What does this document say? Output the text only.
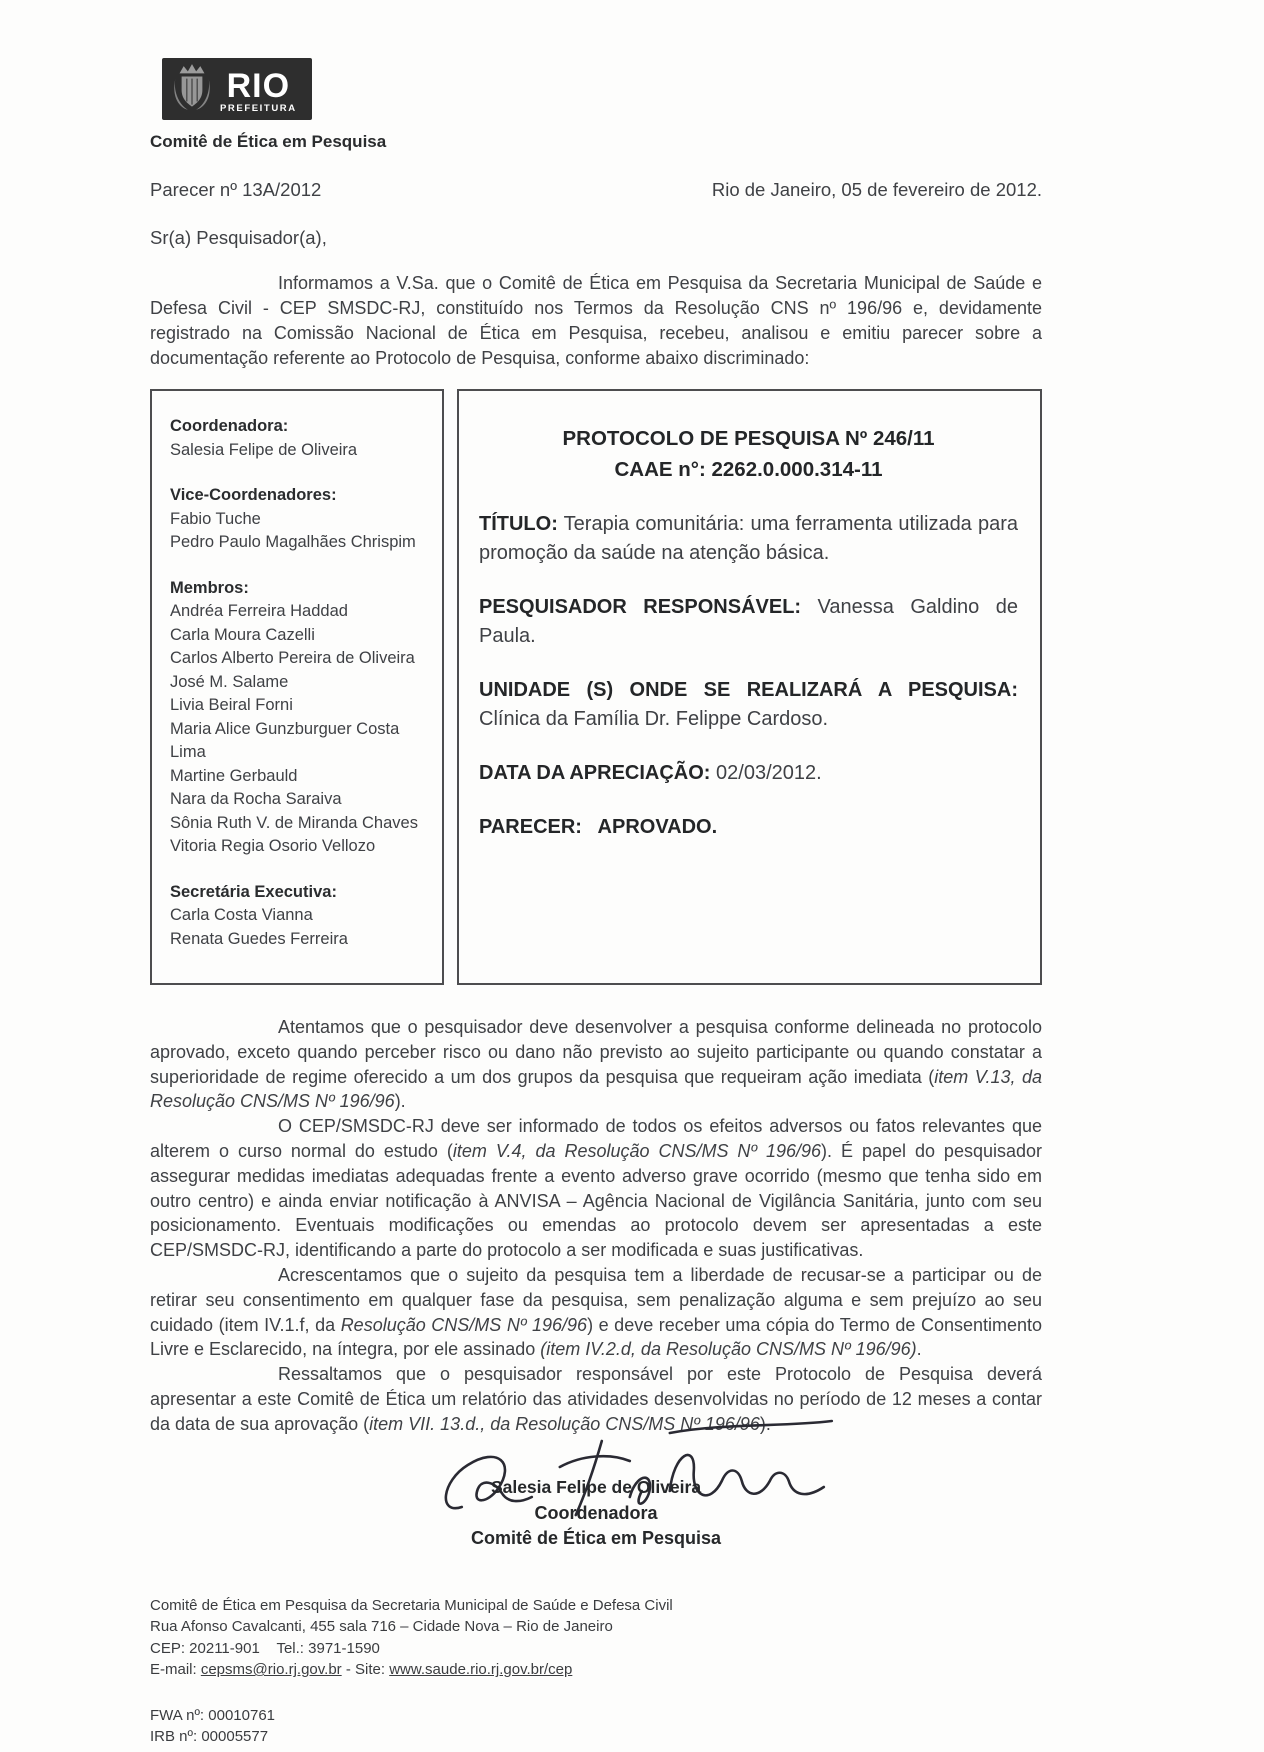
RIO
PREFEITURA
Comitê de Ética em Pesquisa
Parecer nº 13A/2012	Rio de Janeiro, 05 de fevereiro de 2012.
Sr(a) Pesquisador(a),

Informamos a V.Sa. que o Comitê de Ética em Pesquisa da Secretaria Municipal de Saúde e Defesa Civil - CEP SMSDC-RJ, constituído nos Termos da Resolução CNS nº 196/96 e, devidamente registrado na Comissão Nacional de Ética em Pesquisa, recebeu, analisou e emitiu parecer sobre a documentação referente ao Protocolo de Pesquisa, conforme abaixo discriminado:

Coordenadora:
Salesia Felipe de Oliveira
Vice-Coordenadores:
Fabio Tuche
Pedro Paulo Magalhães Chrispim
Membros:
Andréa Ferreira Haddad
Carla Moura Cazelli
Carlos Alberto Pereira de Oliveira
José M. Salame
Livia Beiral Forni
Maria Alice Gunzburguer Costa Lima
Martine Gerbauld
Nara da Rocha Saraiva
Sônia Ruth V. de Miranda Chaves
Vitoria Regia Osorio Vellozo
Secretária Executiva:
Carla Costa Vianna
Renata Guedes Ferreira
PROTOCOLO DE PESQUISA Nº 246/11
CAAE n°: 2262.0.000.314-11

TÍTULO: Terapia comunitária: uma ferramenta utilizada para promoção da saúde na atenção básica.

PESQUISADOR RESPONSÁVEL: Vanessa Galdino de Paula.

UNIDADE (S) ONDE SE REALIZARÁ A PESQUISA: Clínica da Família Dr. Felippe Cardoso.

DATA DA APRECIAÇÃO: 02/03/2012.

PARECER: APROVADO.

Atentamos que o pesquisador deve desenvolver a pesquisa conforme delineada no protocolo aprovado, exceto quando perceber risco ou dano não previsto ao sujeito participante ou quando constatar a superioridade de regime oferecido a um dos grupos da pesquisa que requeiram ação imediata (item V.13, da Resolução CNS/MS Nº 196/96).

O CEP/SMSDC-RJ deve ser informado de todos os efeitos adversos ou fatos relevantes que alterem o curso normal do estudo (item V.4, da Resolução CNS/MS Nº 196/96). É papel do pesquisador assegurar medidas imediatas adequadas frente a evento adverso grave ocorrido (mesmo que tenha sido em outro centro) e ainda enviar notificação à ANVISA – Agência Nacional de Vigilância Sanitária, junto com seu posicionamento. Eventuais modificações ou emendas ao protocolo devem ser apresentadas a este CEP/SMSDC-RJ, identificando a parte do protocolo a ser modificada e suas justificativas.

Acrescentamos que o sujeito da pesquisa tem a liberdade de recusar-se a participar ou de retirar seu consentimento em qualquer fase da pesquisa, sem penalização alguma e sem prejuízo ao seu cuidado (item IV.1.f, da Resolução CNS/MS Nº 196/96) e deve receber uma cópia do Termo de Consentimento Livre e Esclarecido, na íntegra, por ele assinado (item IV.2.d, da Resolução CNS/MS Nº 196/96).

Ressaltamos que o pesquisador responsável por este Protocolo de Pesquisa deverá apresentar a este Comitê de Ética um relatório das atividades desenvolvidas no período de 12 meses a contar da data de sua aprovação (item VII. 13.d., da Resolução CNS/MS Nº 196/96).

Salesia Felipe de Oliveira
Coordenadora
Comitê de Ética em Pesquisa
Comitê de Ética em Pesquisa da Secretaria Municipal de Saúde e Defesa Civil
Rua Afonso Cavalcanti, 455 sala 716 – Cidade Nova – Rio de Janeiro
CEP: 20211-901    Tel.: 3971-1590
E-mail: cepsms@rio.rj.gov.br - Site: www.saude.rio.rj.gov.br/cep
FWA nº: 00010761
IRB nº: 00005577
